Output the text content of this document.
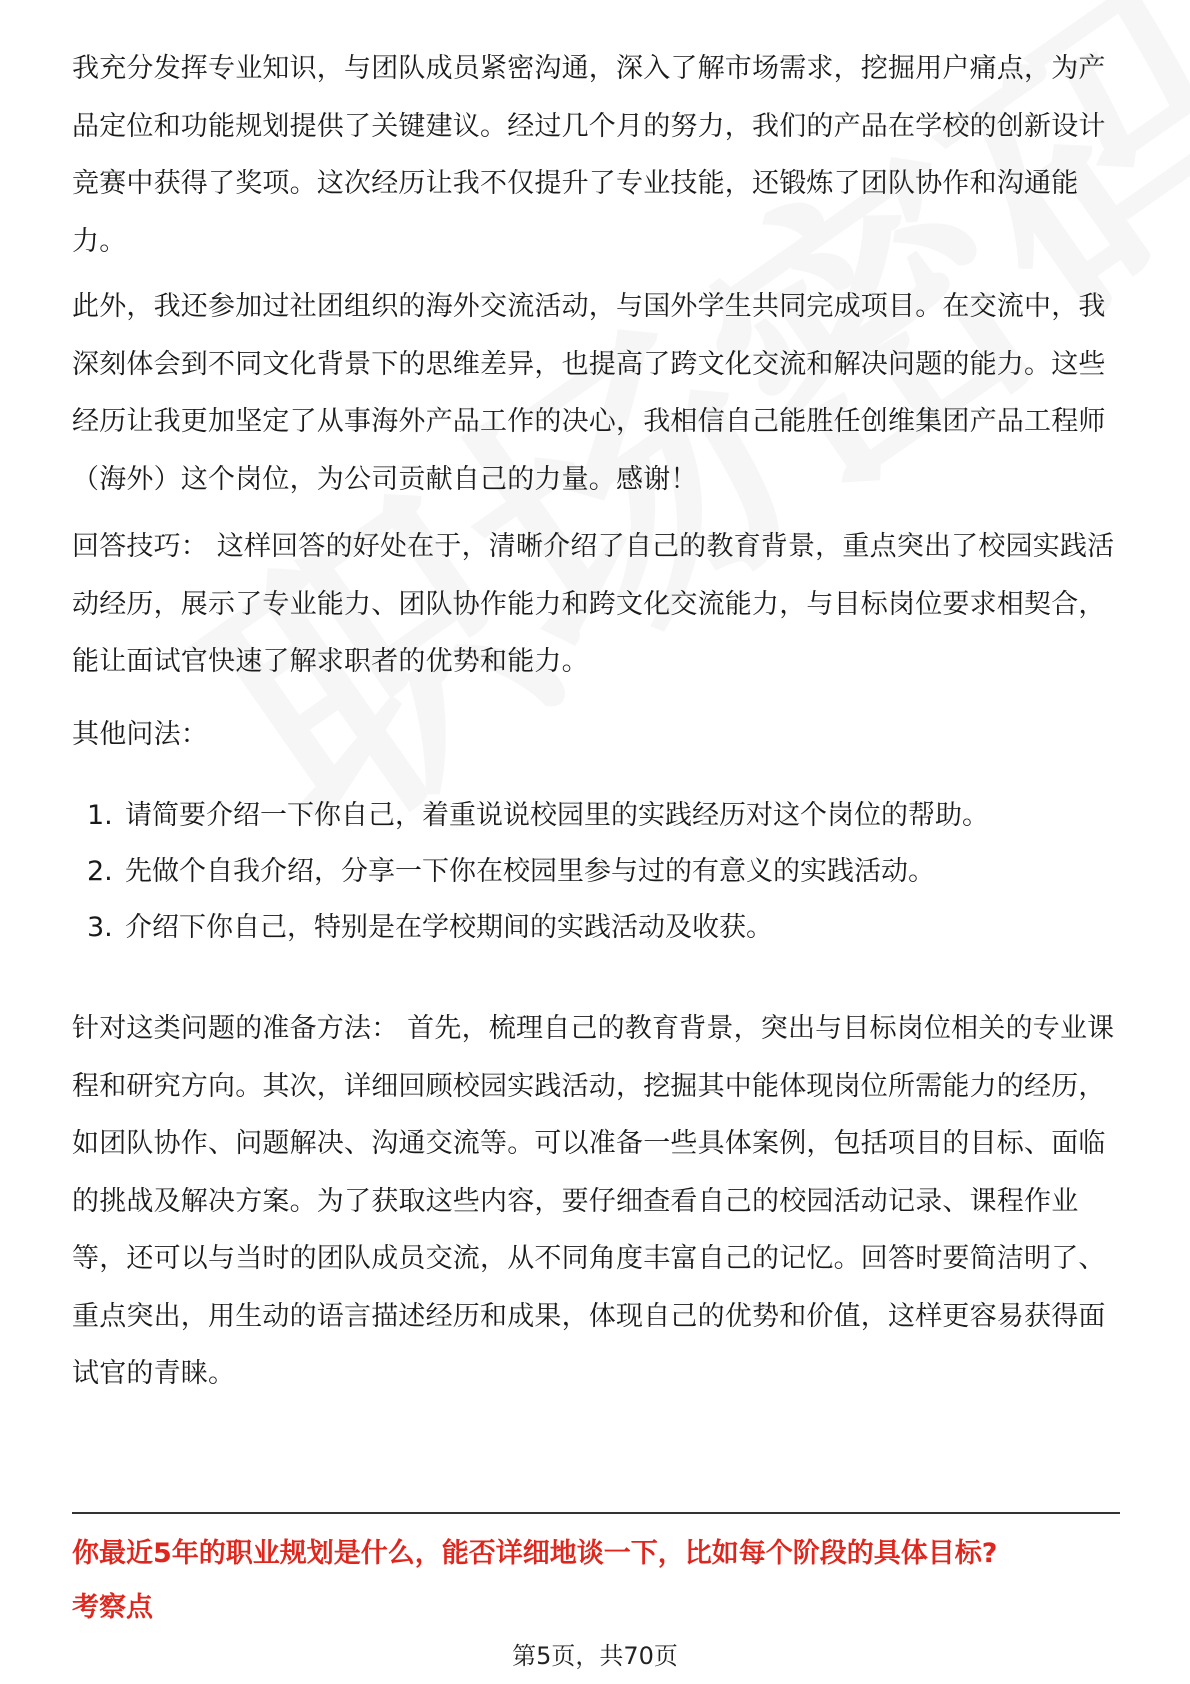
我充分发挥专业知识，与团队成员紧密沟通，深入了解市场需求，挖掘用户痛点，为产品定位和功能规划提供了关键建议。经过几个月的努力，我们的产品在学校的创新设计竞赛中获得了奖项。这次经历让我不仅提升了专业技能，还锻炼了团队协作和沟通能力。
此外，我还参加过社团组织的海外交流活动，与国外学生共同完成项目。在交流中，我深刻体会到不同文化背景下的思维差异，也提高了跨文化交流和解决问题的能力。这些经历让我更加坚定了从事海外产品工作的决心，我相信自己能胜任创维集团产品工程师（海外）这个岗位，为公司贡献自己的力量。感谢！
回答技巧： 这样回答的好处在于，清晰介绍了自己的教育背景，重点突出了校园实践活动经历，展示了专业能力、团队协作能力和跨文化交流能力，与目标岗位要求相契合，能让面试官快速了解求职者的优势和能力。
其他问法：
1. 请简要介绍一下你自己，着重说说校园里的实践经历对这个岗位的帮助。
2. 先做个自我介绍，分享一下你在校园里参与过的有意义的实践活动。
3. 介绍下你自己，特别是在学校期间的实践活动及收获。
针对这类问题的准备方法： 首先，梳理自己的教育背景，突出与目标岗位相关的专业课程和研究方向。其次，详细回顾校园实践活动，挖掘其中能体现岗位所需能力的经历，如团队协作、问题解决、沟通交流等。可以准备一些具体案例，包括项目的目标、面临的挑战及解决方案。为了获取这些内容，要仔细查看自己的校园活动记录、课程作业等，还可以与当时的团队成员交流，从不同角度丰富自己的记忆。回答时要简洁明了、重点突出，用生动的语言描述经历和成果，体现自己的优势和价值，这样更容易获得面试官的青睐。
你最近5年的职业规划是什么，能否详细地谈一下，比如每个阶段的具体目标?
考察点
第5页，共70页
